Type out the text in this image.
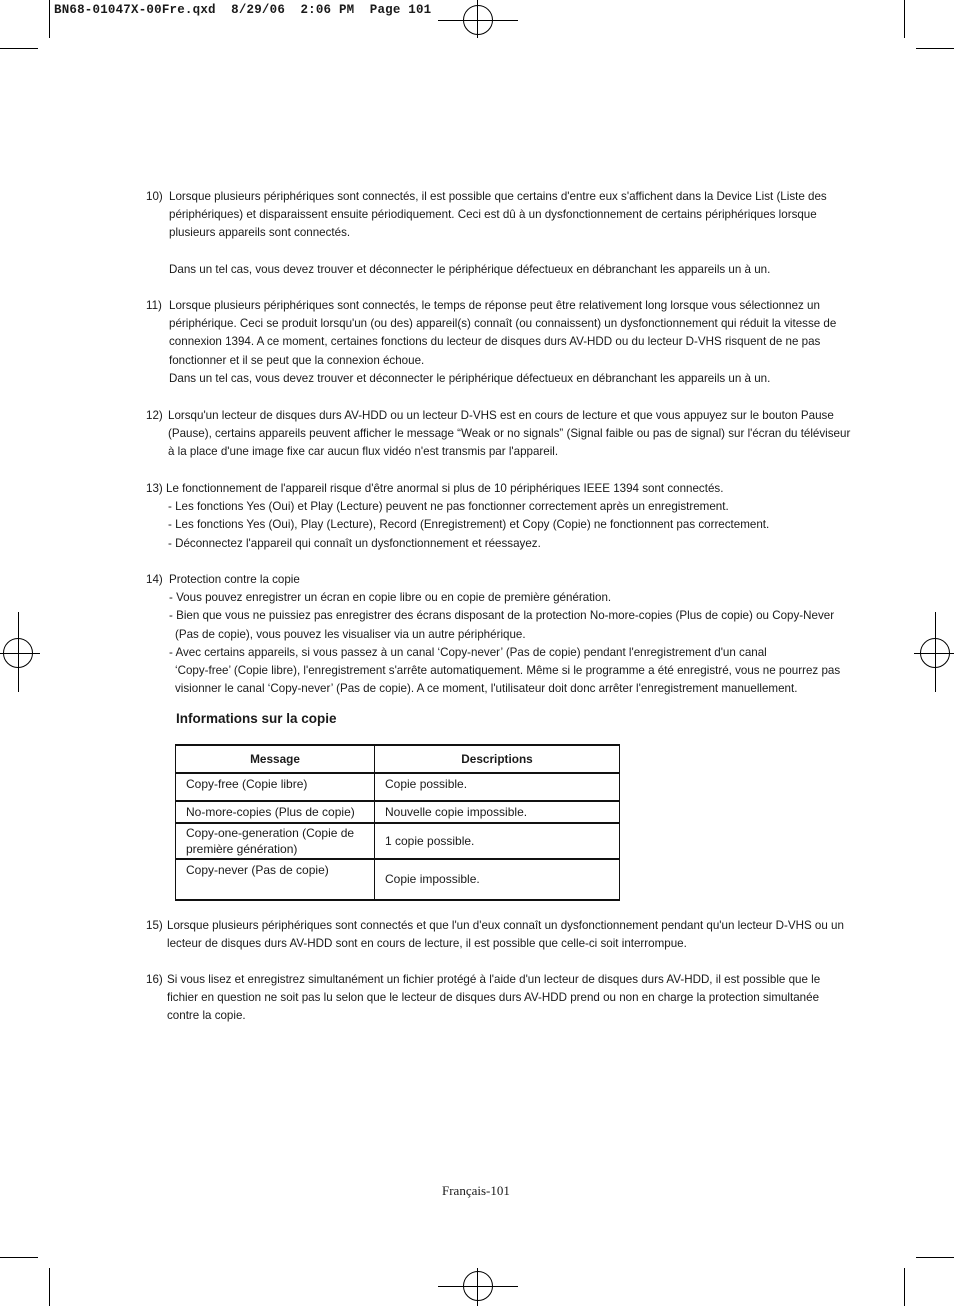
BN68-01047X-00Fre.qxd  8/29/06  2:06 PM  Page 101
10) Lorsque plusieurs périphériques sont connectés, il est possible que certains d'entre eux s'affichent dans la Device List (Liste des
périphériques) et disparaissent ensuite périodiquement. Ceci est dû à un dysfonctionnement de certains périphériques lorsque
plusieurs appareils sont connectés.
Dans un tel cas, vous devez trouver et déconnecter le périphérique défectueux en débranchant les appareils un à un.
11) Lorsque plusieurs périphériques sont connectés, le temps de réponse peut être relativement long lorsque vous sélectionnez un
périphérique. Ceci se produit lorsqu'un (ou des) appareil(s) connaît (ou connaissent) un dysfonctionnement qui réduit la vitesse de
connexion 1394. A ce moment, certaines fonctions du lecteur de disques durs AV-HDD ou du lecteur D-VHS risquent de ne pas
fonctionner et il se peut que la connexion échoue.
Dans un tel cas, vous devez trouver et déconnecter le périphérique défectueux en débranchant les appareils un à un.
12) Lorsqu'un lecteur de disques durs AV-HDD ou un lecteur D-VHS est en cours de lecture et que vous appuyez sur le bouton Pause
(Pause), certains appareils peuvent afficher le message “Weak or no signals” (Signal faible ou pas de signal) sur l'écran du téléviseur
à la place d'une image fixe car aucun flux vidéo n'est transmis par l'appareil.
13) Le fonctionnement de l'appareil risque d'être anormal si plus de 10 périphériques IEEE 1394 sont connectés.
- Les fonctions Yes (Oui) et Play (Lecture) peuvent ne pas fonctionner correctement après un enregistrement.
- Les fonctions Yes (Oui), Play (Lecture), Record (Enregistrement) et Copy (Copie) ne fonctionnent pas correctement.
- Déconnectez l'appareil qui connaît un dysfonctionnement et réessayez.
14) Protection contre la copie
- Vous pouvez enregistrer un écran en copie libre ou en copie de première génération.
- Bien que vous ne puissiez pas enregistrer des écrans disposant de la protection No-more-copies (Plus de copie) ou Copy-Never
(Pas de copie), vous pouvez les visualiser via un autre périphérique.
- Avec certains appareils, si vous passez à un canal ‘Copy-never’ (Pas de copie) pendant l'enregistrement d'un canal
‘Copy-free’ (Copie libre), l'enregistrement s'arrête automatiquement. Même si le programme a été enregistré, vous ne pourrez pas
visionner le canal ‘Copy-never’ (Pas de copie). A ce moment, l'utilisateur doit donc arrêter l'enregistrement manuellement.
15) Lorsque plusieurs périphériques sont connectés et que l'un d'eux connaît un dysfonctionnement pendant qu'un lecteur D-VHS ou un
lecteur de disques durs AV-HDD sont en cours de lecture, il est possible que celle-ci soit interrompue.
16) Si vous lisez et enregistrez simultanément un fichier protégé à l'aide d'un lecteur de disques durs AV-HDD, il est possible que le
fichier en question ne soit pas lu selon que le lecteur de disques durs AV-HDD prend ou non en charge la protection simultanée
contre la copie.
Informations sur la copie
Message	Descriptions
Copy-free (Copie libre)	Copie possible.
No-more-copies (Plus de copie)	Nouvelle copie impossible.
Copy-one-generation (Copie de première génération)	1 copie possible.
Copy-never (Pas de copie)	Copie impossible.
Français-101
